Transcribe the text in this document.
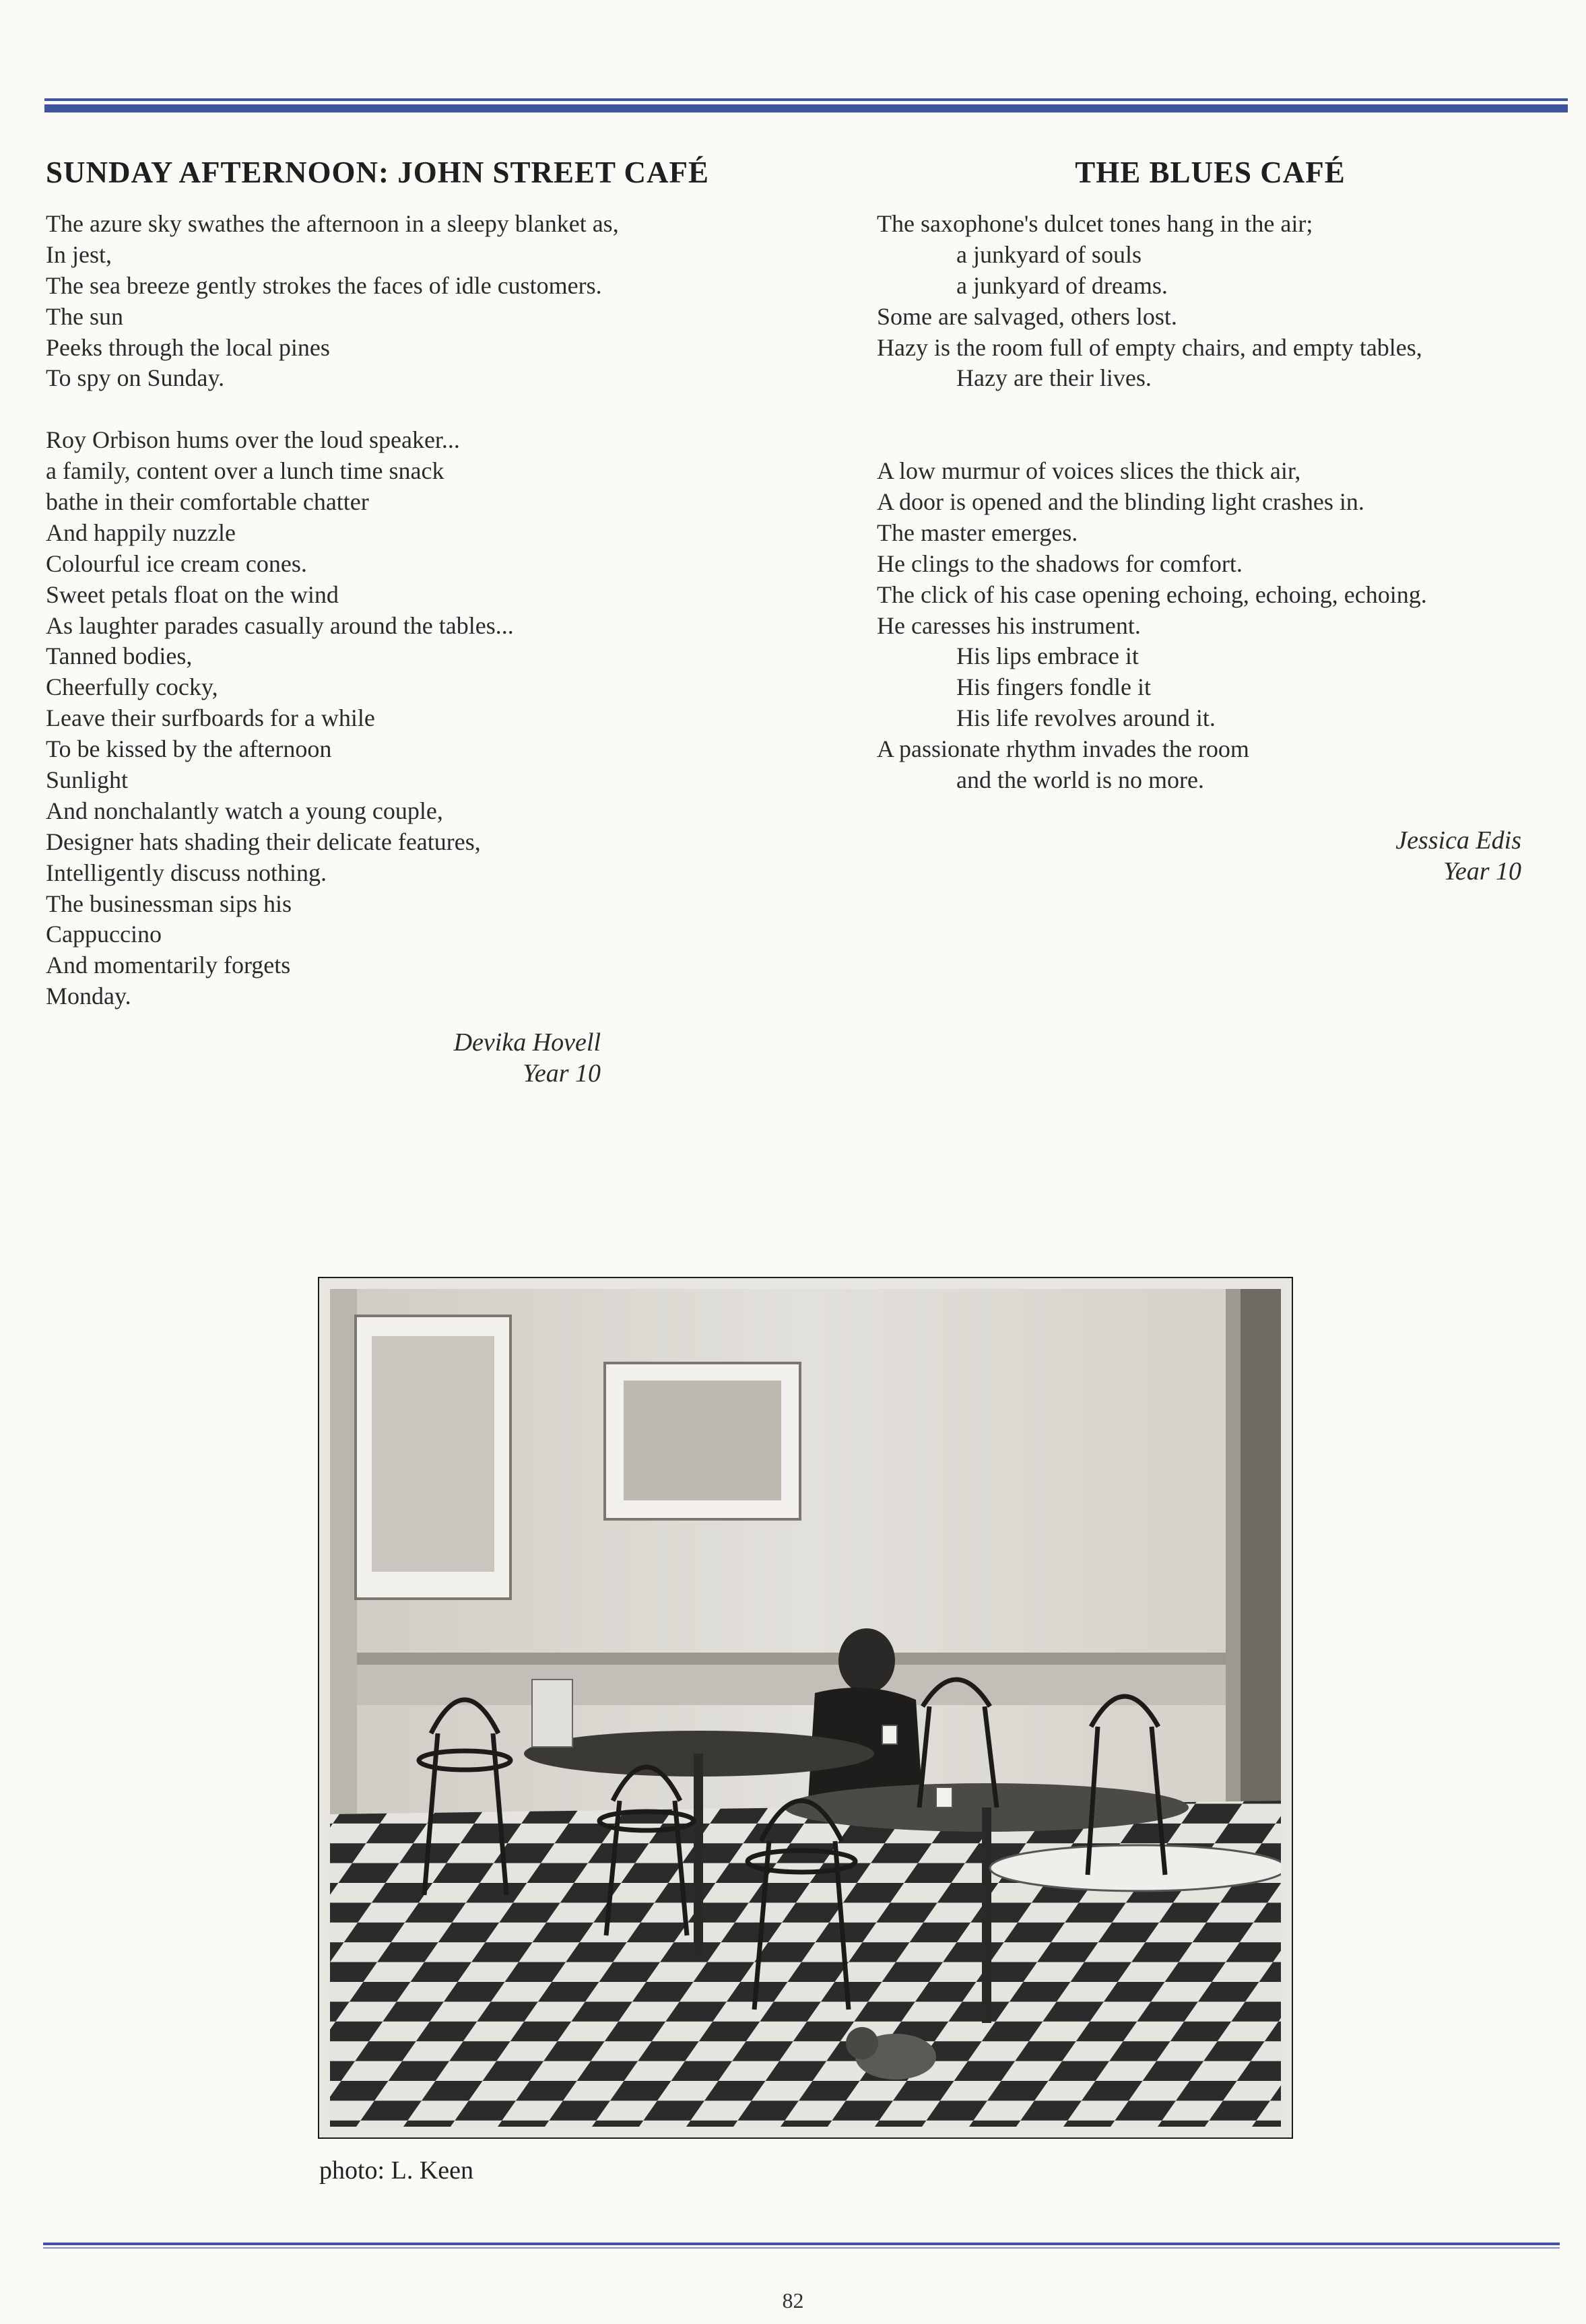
SUNDAY AFTERNOON: JOHN STREET CAFÉ
The azure sky swathes the afternoon in a sleepy blanket as,
In jest,
The sea breeze gently strokes the faces of idle customers.
The sun
Peeks through the local pines
To spy on Sunday.
Roy Orbison hums over the loud speaker...
a family, content over a lunch time snack
bathe in their comfortable chatter
And happily nuzzle
Colourful ice cream cones.
Sweet petals float on the wind
As laughter parades casually around the tables...
Tanned bodies,
Cheerfully cocky,
Leave their surfboards for a while
To be kissed by the afternoon
Sunlight
And nonchalantly watch a young couple,
Designer hats shading their delicate features,
Intelligently discuss nothing.
The businessman sips his
Cappuccino
And momentarily forgets
Monday.
Devika Hovell
Year 10
THE BLUES CAFÉ
The saxophone's dulcet tones hang in the air;
a junkyard of souls
a junkyard of dreams.
Some are salvaged, others lost.
Hazy is the room full of empty chairs, and empty tables,
Hazy are their lives.
A low murmur of voices slices the thick air,
A door is opened and the blinding light crashes in.
The master emerges.
He clings to the shadows for comfort.
The click of his case opening echoing, echoing, echoing.
He caresses his instrument.
His lips embrace it
His fingers fondle it
His life revolves around it.
A passionate rhythm invades the room
and the world is no more.
Jessica Edis
Year 10
photo: L. Keen
82
